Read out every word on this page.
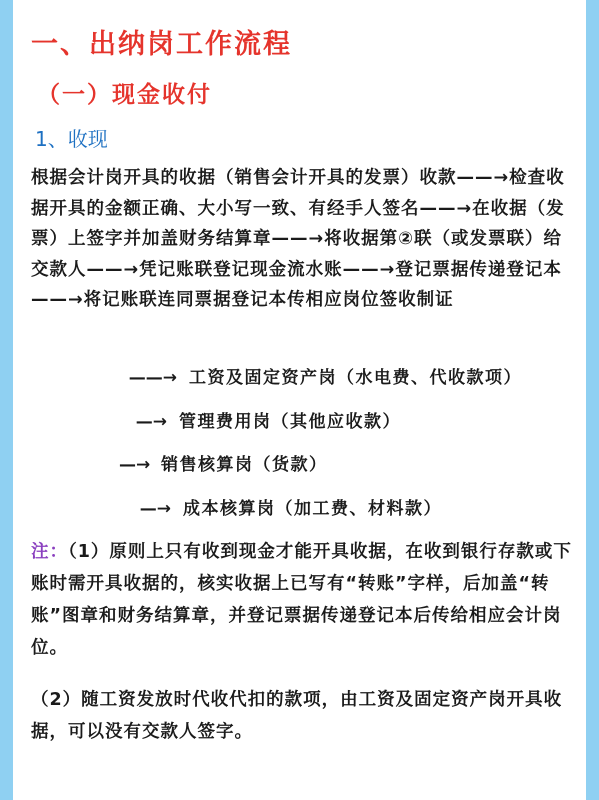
一、出纳岗工作流程
（一）现金收付
1、收现
根据会计岗开具的收据（销售会计开具的发票）收款——→检查收据开具的金额正确、大小写一致、有经手人签名——→在收据（发票）上签字并加盖财务结算章——→将收据第②联（或发票联）给交款人——→凭记账联登记现金流水账——→登记票据传递登记本——→将记账联连同票据登记本传相应岗位签收制证
——→ 工资及固定资产岗（水电费、代收款项）
—→ 管理费用岗（其他应收款）
—→ 销售核算岗（货款）
—→ 成本核算岗（加工费、材料款）
注：（1）原则上只有收到现金才能开具收据，在收到银行存款或下账时需开具收据的，核实收据上已写有“转账”字样，后加盖“转账”图章和财务结算章，并登记票据传递登记本后传给相应会计岗位。
（2）随工资发放时代收代扣的款项，由工资及固定资产岗开具收据，可以没有交款人签字。
